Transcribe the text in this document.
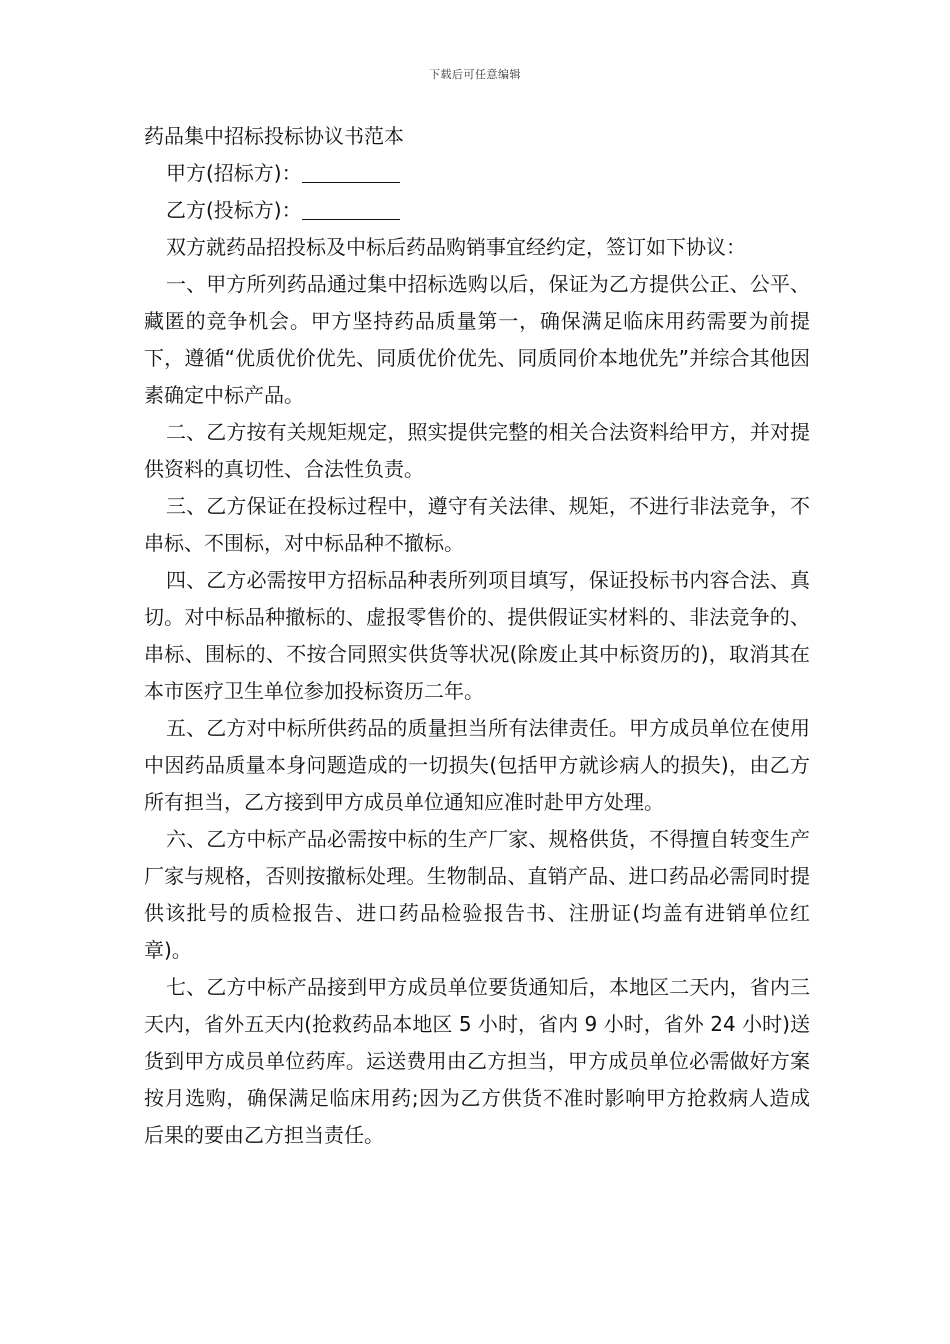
下载后可任意编辑
药品集中招标投标协议书范本
甲方(招标方)：
乙方(投标方)：

双方就药品招投标及中标后药品购销事宜经约定，签订如下协议：

一、甲方所列药品通过集中招标选购以后，保证为乙方提供公正、公平、藏匿的竞争机会。甲方坚持药品质量第一，确保满足临床用药需要为前提下，遵循“优质优价优先、同质优价优先、同质同价本地优先”并综合其他因素确定中标产品。

二、乙方按有关规矩规定，照实提供完整的相关合法资料给甲方，并对提供资料的真切性、合法性负责。

三、乙方保证在投标过程中，遵守有关法律、规矩，不进行非法竞争，不串标、不围标，对中标品种不撤标。

四、乙方必需按甲方招标品种表所列项目填写，保证投标书内容合法、真切。对中标品种撤标的、虚报零售价的、提供假证实材料的、非法竞争的、串标、围标的、不按合同照实供货等状况(除废止其中标资历的)，取消其在本市医疗卫生单位参加投标资历二年。

五、乙方对中标所供药品的质量担当所有法律责任。甲方成员单位在使用中因药品质量本身问题造成的一切损失(包括甲方就诊病人的损失)，由乙方所有担当，乙方接到甲方成员单位通知应准时赴甲方处理。

六、乙方中标产品必需按中标的生产厂家、规格供货，不得擅自转变生产厂家与规格，否则按撤标处理。生物制品、直销产品、进口药品必需同时提供该批号的质检报告、进口药品检验报告书、注册证(均盖有进销单位红章)。

七、乙方中标产品接到甲方成员单位要货通知后，本地区二天内，省内三天内，省外五天内(抢救药品本地区 5 小时，省内 9 小时，省外 24 小时)送货到甲方成员单位药库。运送费用由乙方担当，甲方成员单位必需做好方案按月选购，确保满足临床用药;因为乙方供货不准时影响甲方抢救病人造成后果的要由乙方担当责任。
